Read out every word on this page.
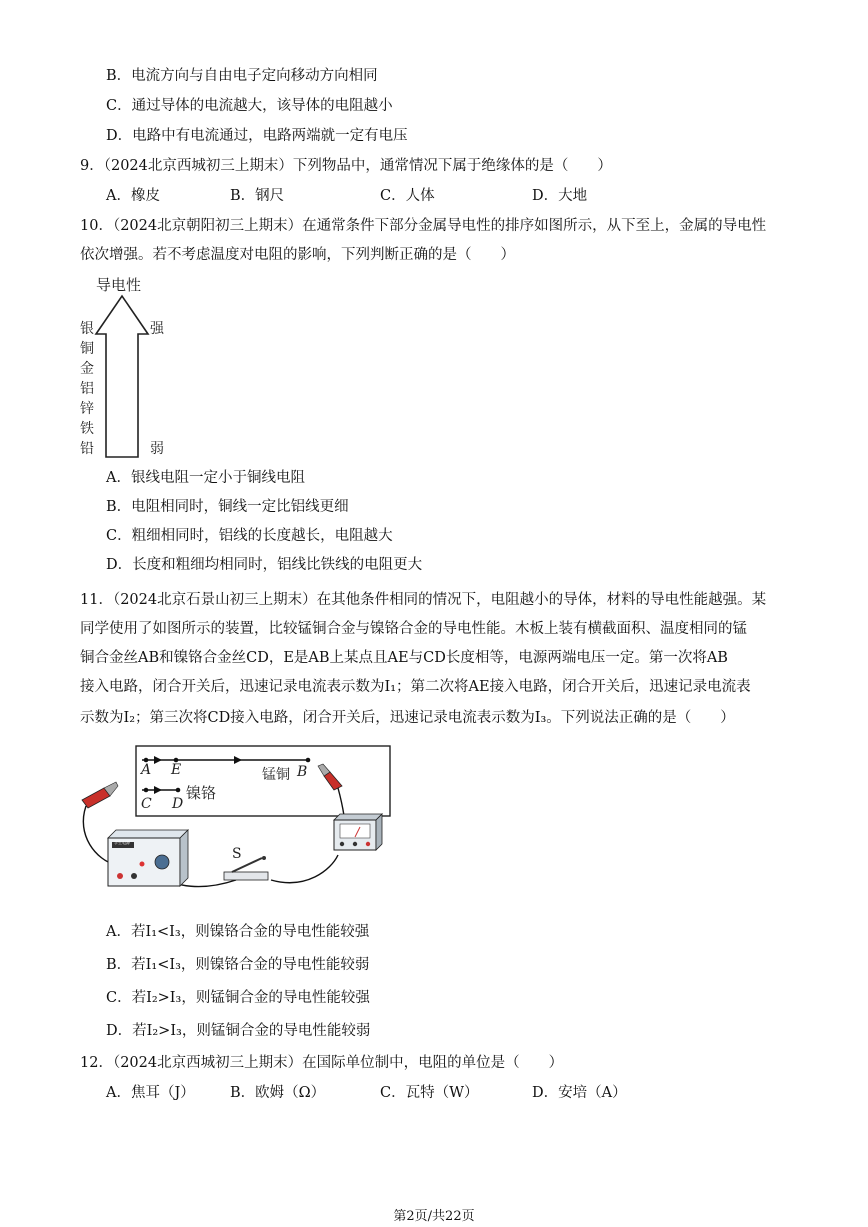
B．电流方向与自由电子定向移动方向相同
C．通过导体的电流越大，该导体的电阻越小
D．电路中有电流通过，电路两端就一定有电压
9．（2024北京西城初三上期末）下列物品中，通常情况下属于绝缘体的是（　　）
A．橡皮	B．钢尺	C．人体	D．大地
10．（2024北京朝阳初三上期末）在通常条件下部分金属导电性的排序如图所示，从下至上，金属的导电性
依次增强。若不考虑温度对电阻的影响，下列判断正确的是（　　）
导电性
银
铜
金
铝
锌
铁
铅
强
弱
A．银线电阻一定小于铜线电阻
B．电阻相同时，铜线一定比铝线更细
C．粗细相同时，铝线的长度越长，电阻越大
D．长度和粗细均相同时，铝线比铁线的电阻更大
11．（2024北京石景山初三上期末）在其他条件相同的情况下，电阻越小的导体，材料的导电性能越强。某
同学使用了如图所示的装置，比较锰铜合金与镍铬合金的导电性能。木板上装有横截面积、温度相同的锰
铜合金丝AB和镍铬合金丝CD，E是AB上某点且AE与CD长度相等，电源两端电压一定。第一次将AB
接入电路，闭合开关后，迅速记录电流表示数为I₁；第二次将AE接入电路，闭合开关后，迅速记录电流表
示数为I₂；第三次将CD接入电路，闭合开关后，迅速记录电流表示数为I₃。下列说法正确的是（　　）
A E	锰铜 B
镍铬
C D
S
学生电源
A．若I₁<I₃，则镍铬合金的导电性能较强
B．若I₁<I₃，则镍铬合金的导电性能较弱
C．若I₂>I₃，则锰铜合金的导电性能较强
D．若I₂>I₃，则锰铜合金的导电性能较弱
12．（2024北京西城初三上期末）在国际单位制中，电阻的单位是（　　）
A．焦耳（J） B．欧姆（Ω）	C．瓦特（W）	D．安培（A）
第2页/共22页
